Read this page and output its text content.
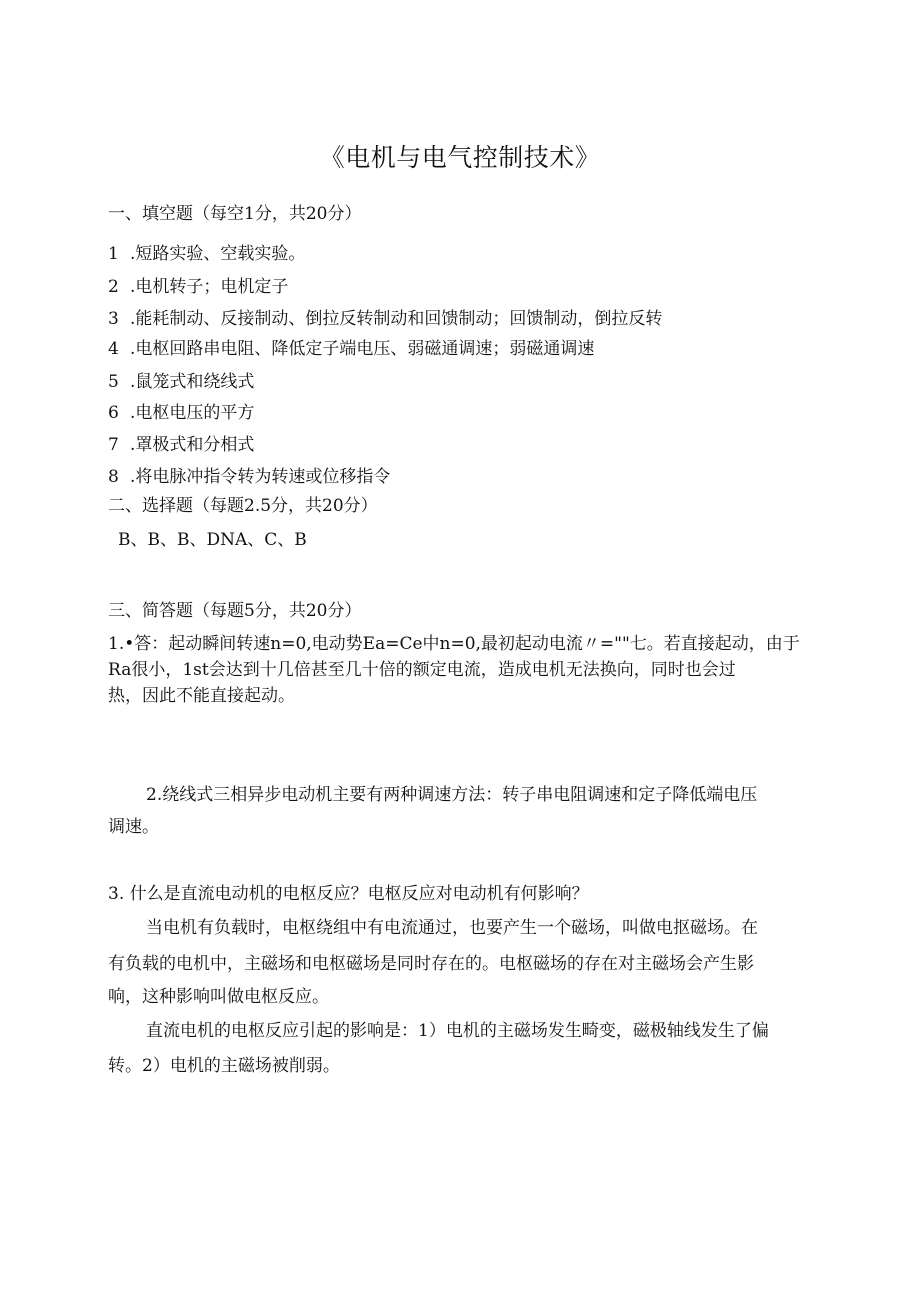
《电机与电气控制技术》
一、填空题（每空1分，共20分）
1 .短路实验、空载实验。
2 .电机转子；电机定子
3 .能耗制动、反接制动、倒拉反转制动和回馈制动；回馈制动，倒拉反转
4 .电枢回路串电阻、降低定子端电压、弱磁通调速；弱磁通调速
5 .鼠笼式和绕线式
6 .电枢电压的平方
7 .罩极式和分相式
8 .将电脉冲指令转为转速或位移指令
二、选择题（每题2.5分，共20分）
B、B、B、DNA、C、B
三、简答题（每题5分，共20分）
1.•答：起动瞬间转速n=0,电动势Ea=Ce中n=0,最初起动电流〃=""七。若直接起动，由于
Ra很小，1st会达到十几倍甚至几十倍的额定电流，造成电机无法换向，同时也会过
热，因此不能直接起动。
2.绕线式三相异步电动机主要有两种调速方法：转子串电阻调速和定子降低端电压
调速。
3. 什么是直流电动机的电枢反应？电枢反应对电动机有何影响？
当电机有负载时，电枢绕组中有电流通过，也要产生一个磁场，叫做电抠磁场。在
有负载的电机中，主磁场和电枢磁场是同时存在的。电枢磁场的存在对主磁场会产生影
响，这种影响叫做电枢反应。
直流电机的电枢反应引起的影响是：1）电机的主磁场发生畸变，磁极轴线发生了偏
转。2）电机的主磁场被削弱。
